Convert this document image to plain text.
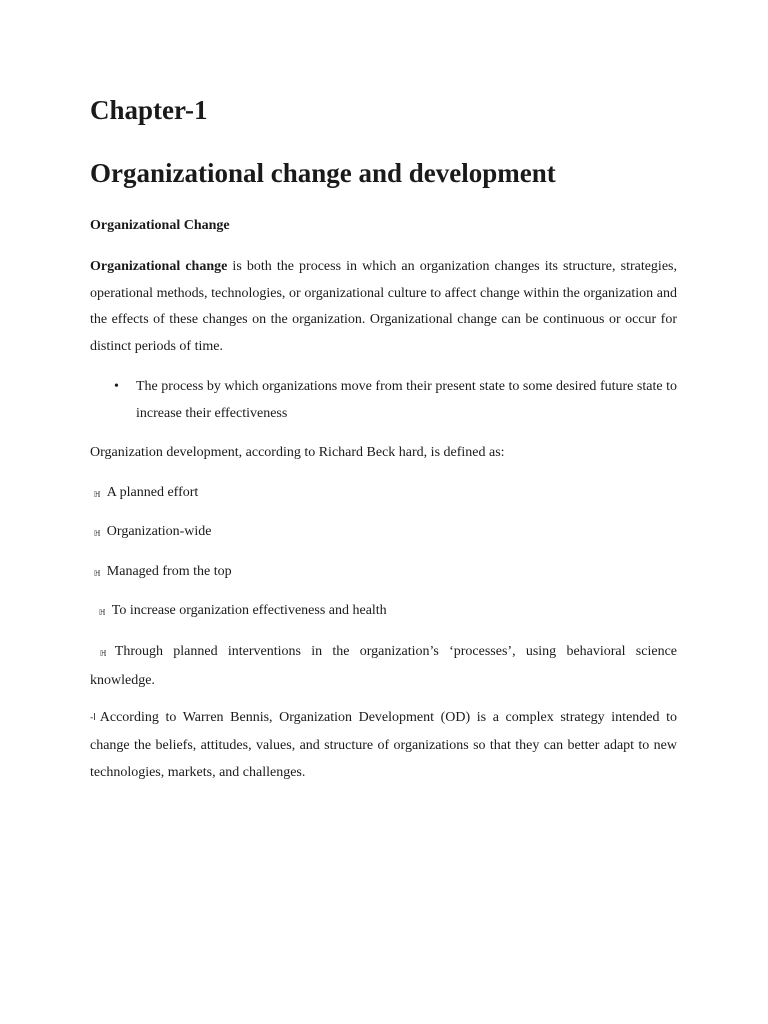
Chapter-1
Organizational change and development
Organizational Change

Organizational change is both the process in which an organization changes its structure, strategies, operational methods, technologies, or organizational culture to affect change within the organization and the effects of these changes on the organization. Organizational change can be continuous or occur for distinct periods of time.

• The process by which organizations move from their present state to some desired future state to increase their effectiveness

Organization development, according to Richard Beck hard, is defined as:

ℍ A planned effort
ℍ Organization-wide
ℍ Managed from the top
ℍ To increase organization effectiveness and health
ℍ Through planned interventions in the organization’s ‘processes’, using behavioral science knowledge.
-ا According to Warren Bennis, Organization Development (OD) is a complex strategy intended to change the beliefs, attitudes, values, and structure of organizations so that they can better adapt to new technologies, markets, and challenges.
